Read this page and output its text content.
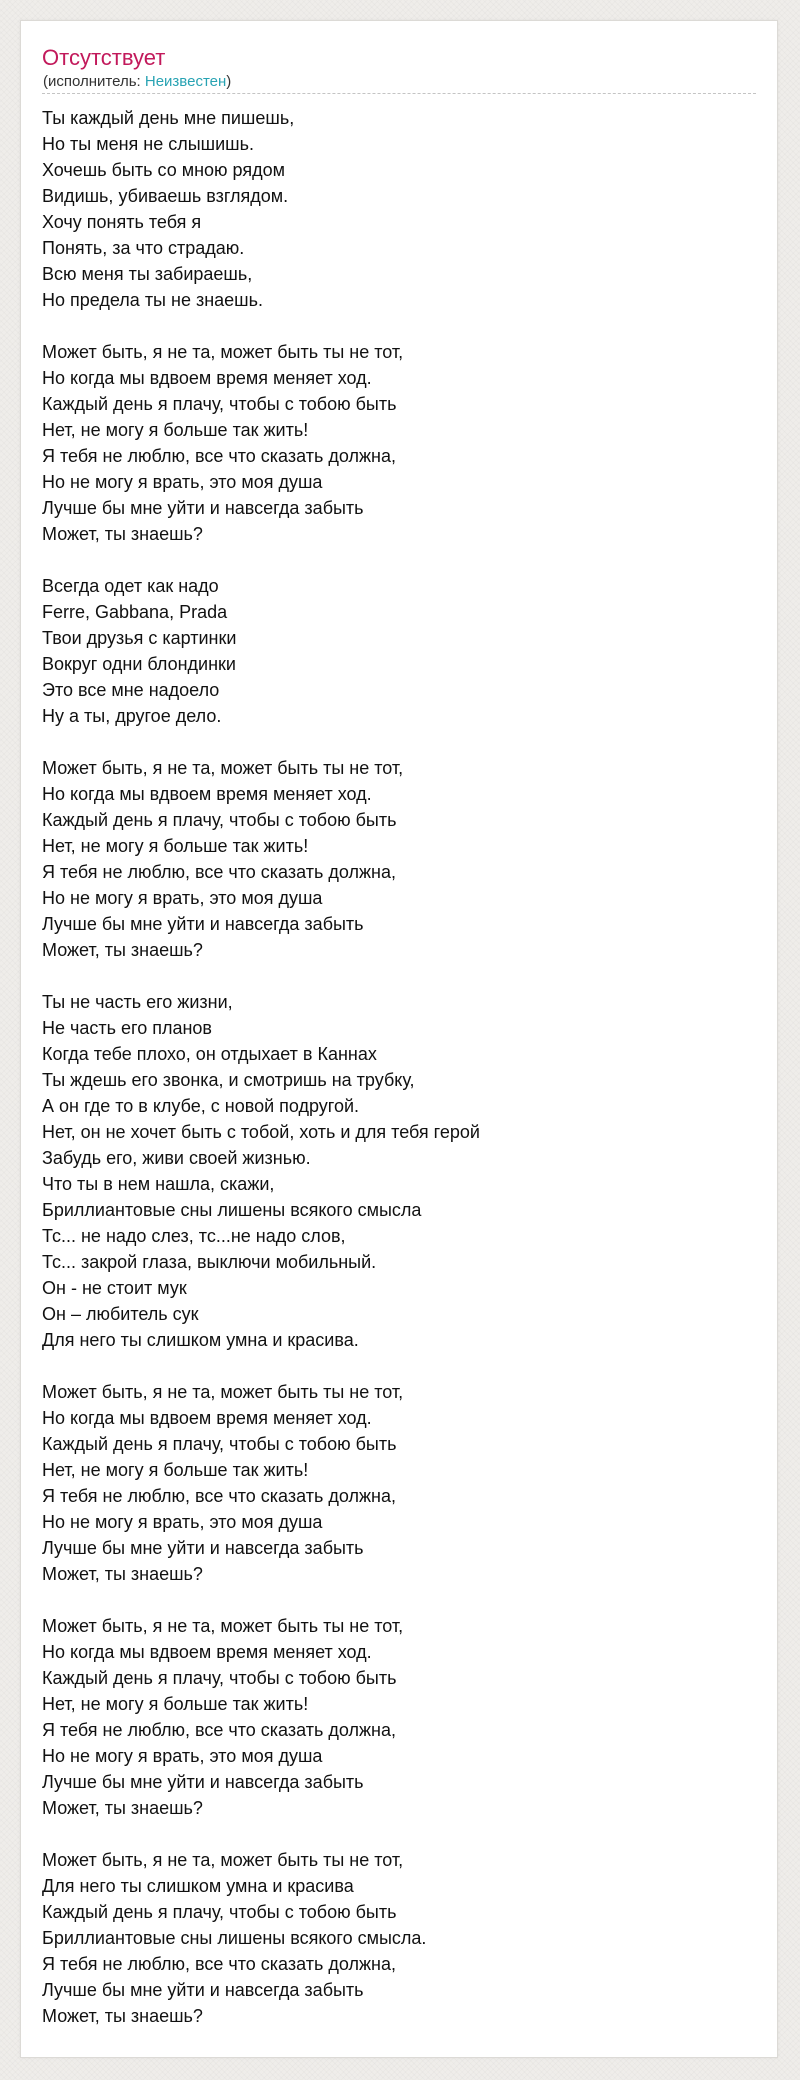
Отсутствует
(исполнитель: Неизвестен)
Ты каждый день мне пишешь,
Но ты меня не слышишь.
Хочешь быть со мною рядом
Видишь, убиваешь взглядом.
Хочу понять тебя я
Понять, за что страдаю.
Всю меня ты забираешь,
Но предела ты не знаешь.
Может быть, я не та, может быть ты не тот,
Но когда мы вдвоем время меняет ход.
Каждый день я плачу, чтобы с тобою быть
Нет, не могу я больше так жить!
Я тебя не люблю, все что сказать должна,
Но не могу я врать, это моя душа
Лучше бы мне уйти и навсегда забыть
Может, ты знаешь?
Всегда одет как надо
Ferre, Gabbana, Prada
Твои друзья с картинки
Вокруг одни блондинки
Это все мне надоело
Ну а ты, другое дело.
Может быть, я не та, может быть ты не тот,
Но когда мы вдвоем время меняет ход.
Каждый день я плачу, чтобы с тобою быть
Нет, не могу я больше так жить!
Я тебя не люблю, все что сказать должна,
Но не могу я врать, это моя душа
Лучше бы мне уйти и навсегда забыть
Может, ты знаешь?
Ты не часть его жизни,
Не часть его планов
Когда тебе плохо, он отдыхает в Каннах
Ты ждешь его звонка, и смотришь на трубку,
А он где то в клубе, с новой подругой.
Нет, он не хочет быть с тобой, хоть и для тебя герой
Забудь его, живи своей жизнью.
Что ты в нем нашла, скажи,
Бриллиантовые сны лишены всякого смысла
Тс... не надо слез, тс...не надо слов,
Тс... закрой глаза, выключи мобильный.
Он - не стоит мук
Он – любитель сук
Для него ты слишком умна и красива.
Может быть, я не та, может быть ты не тот,
Но когда мы вдвоем время меняет ход.
Каждый день я плачу, чтобы с тобою быть
Нет, не могу я больше так жить!
Я тебя не люблю, все что сказать должна,
Но не могу я врать, это моя душа
Лучше бы мне уйти и навсегда забыть
Может, ты знаешь?
Может быть, я не та, может быть ты не тот,
Но когда мы вдвоем время меняет ход.
Каждый день я плачу, чтобы с тобою быть
Нет, не могу я больше так жить!
Я тебя не люблю, все что сказать должна,
Но не могу я врать, это моя душа
Лучше бы мне уйти и навсегда забыть
Может, ты знаешь?
Может быть, я не та, может быть ты не тот,
Для него ты слишком умна и красива
Каждый день я плачу, чтобы с тобою быть
Бриллиантовые сны лишены всякого смысла.
Я тебя не люблю, все что сказать должна,
Лучше бы мне уйти и навсегда забыть
Может, ты знаешь?
